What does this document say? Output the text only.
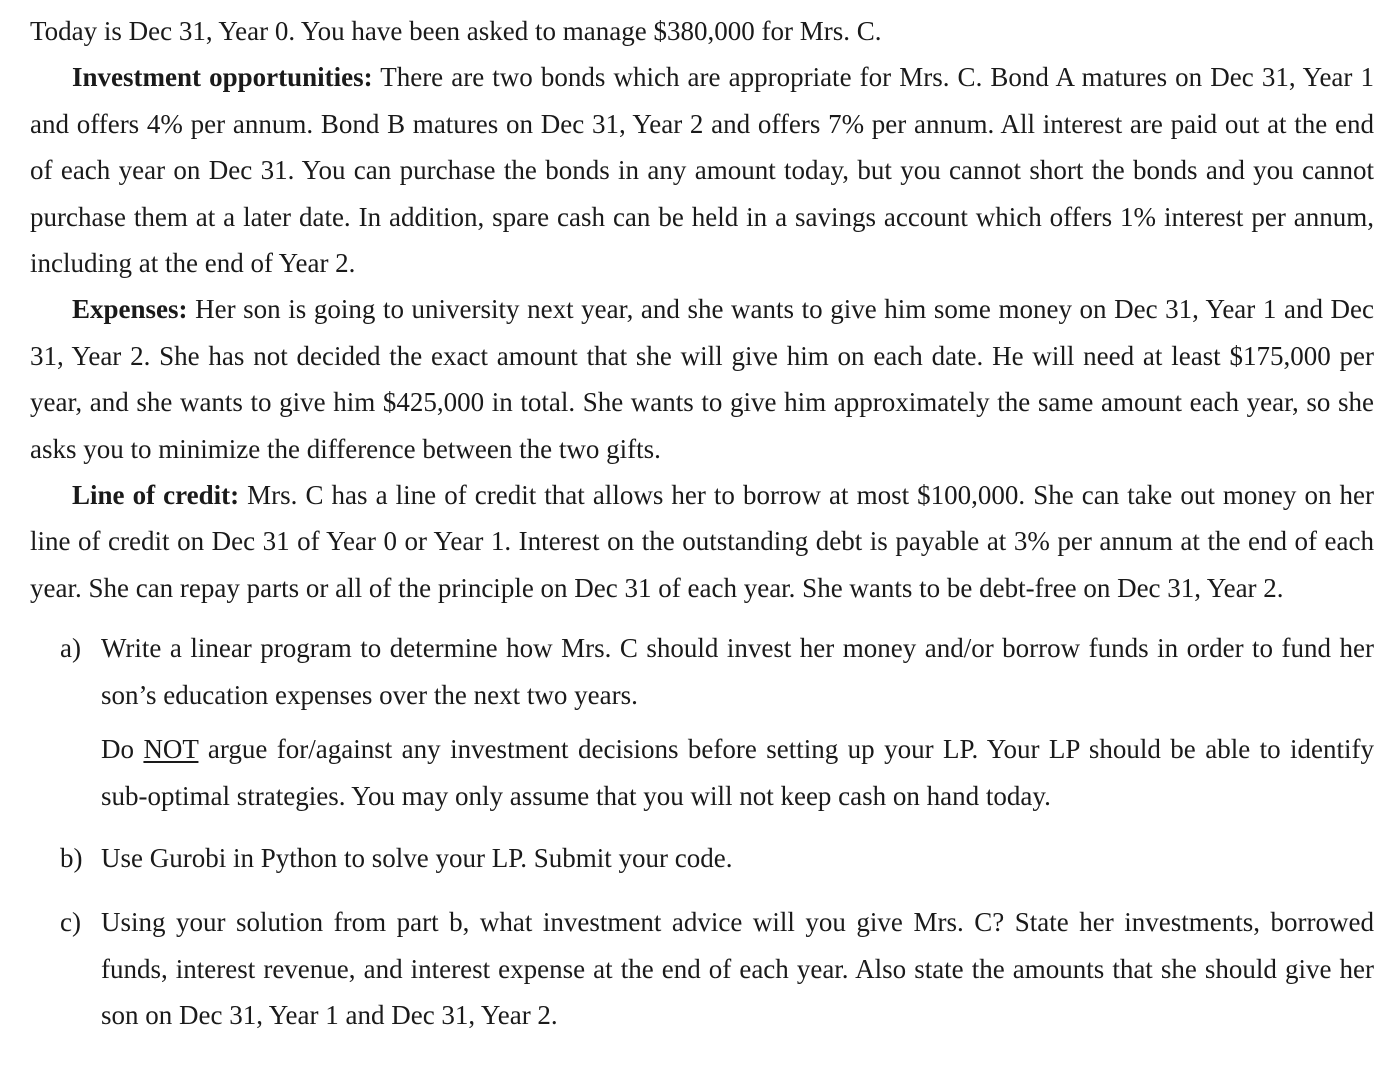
Today is Dec 31, Year 0. You have been asked to manage $380,000 for Mrs. C.

Investment opportunities: There are two bonds which are appropriate for Mrs. C. Bond A matures on Dec 31, Year 1 and offers 4% per annum. Bond B matures on Dec 31, Year 2 and offers 7% per annum. All interest are paid out at the end of each year on Dec 31. You can purchase the bonds in any amount today, but you cannot short the bonds and you cannot purchase them at a later date. In addition, spare cash can be held in a savings account which offers 1% interest per annum, including at the end of Year 2.

Expenses: Her son is going to university next year, and she wants to give him some money on Dec 31, Year 1 and Dec 31, Year 2. She has not decided the exact amount that she will give him on each date. He will need at least $175,000 per year, and she wants to give him $425,000 in total. She wants to give him approximately the same amount each year, so she asks you to minimize the difference between the two gifts.

Line of credit: Mrs. C has a line of credit that allows her to borrow at most $100,000. She can take out money on her line of credit on Dec 31 of Year 0 or Year 1. Interest on the outstanding debt is payable at 3% per annum at the end of each year. She can repay parts or all of the principle on Dec 31 of each year. She wants to be debt-free on Dec 31, Year 2.

a) Write a linear program to determine how Mrs. C should invest her money and/or borrow funds in order to fund her son’s education expenses over the next two years.

Do NOT argue for/against any investment decisions before setting up your LP. Your LP should be able to identify sub-optimal strategies. You may only assume that you will not keep cash on hand today.

b) Use Gurobi in Python to solve your LP. Submit your code.

c) Using your solution from part b, what investment advice will you give Mrs. C? State her investments, borrowed funds, interest revenue, and interest expense at the end of each year. Also state the amounts that she should give her son on Dec 31, Year 1 and Dec 31, Year 2.
